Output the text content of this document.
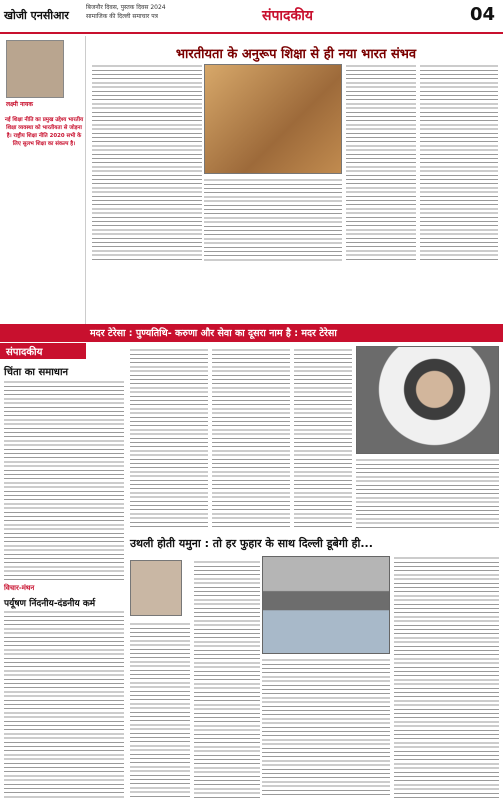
खोजी एनसीआर
बिजनौर दिवस, पुस्तक दिवस 2024
सामाजिक की दिल्ली समाचार पत्र	संपादकीय	04
लक्ष्मी नायक
नई शिक्षा नीति का प्रमुख उद्देश्य भारतीय शिक्षा व्यवस्था को भारतीयता से जोड़ना है। राष्ट्रीय शिक्षा नीति 2020 सभी के लिए सुलभ शिक्षा का संकल्प है।
भारतीयता के अनुरूप शिक्षा से ही नया भारत संभव
मदर टेरेसा : पुण्यतिथि- करुणा और सेवा का दूसरा नाम है : मदर टेरेसा
संपादकीय
चिंता का समाधान
विचार-मंथन
पर्यूषण निंदनीय-दंडनीय कर्म
उथली होती यमुना : तो हर फुहार के साथ दिल्ली डूबेगी ही...
